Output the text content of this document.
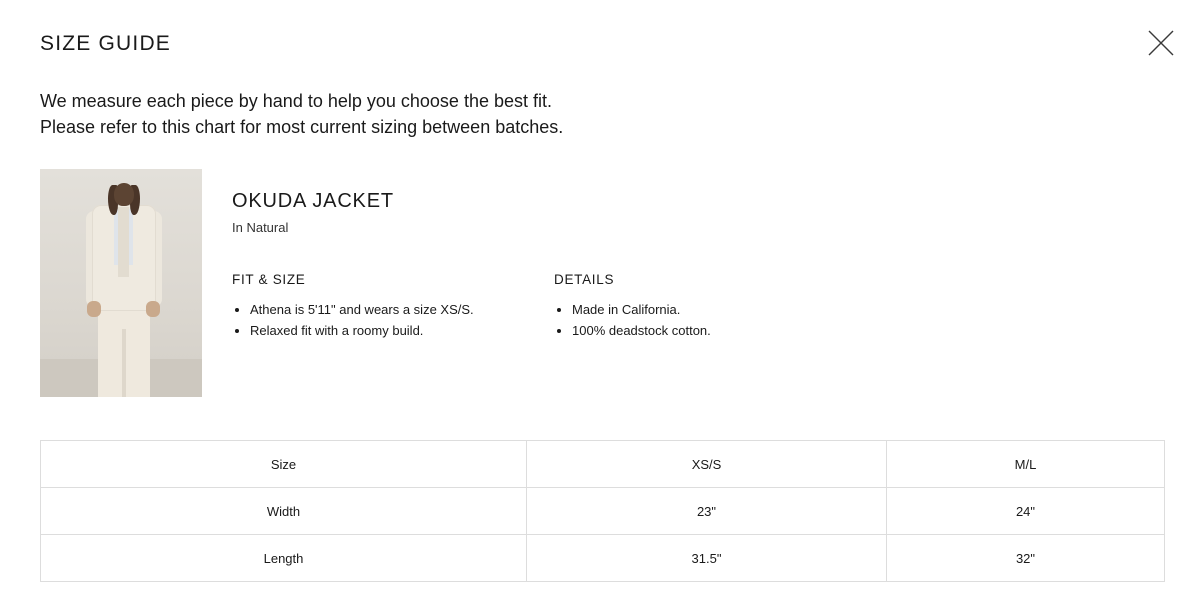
SIZE GUIDE
We measure each piece by hand to help you choose the best fit.
Please refer to this chart for most current sizing between batches.
OKUDA JACKET

In Natural

FIT & SIZE
• Athena is 5'11" and wears a size XS/S.
• Relaxed fit with a roomy build.
DETAILS
• Made in California.
• 100% deadstock cotton.
Size	XS/S	M/L
Width	23"	24"
Length	31.5"	32"
